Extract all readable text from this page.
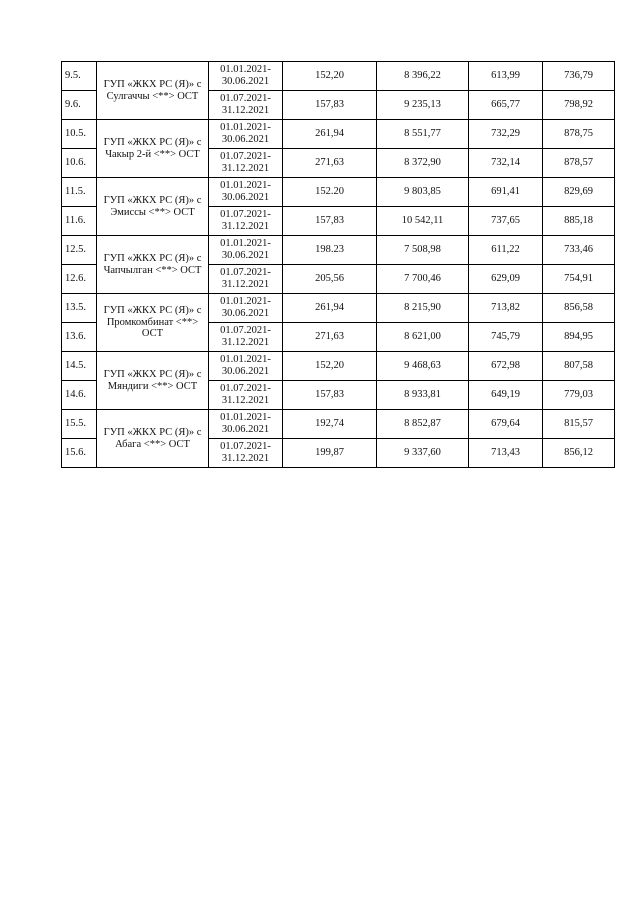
9.5.	ГУП «ЖКХ РС (Я)» с Сулгаччы <**> ОСТ	01.01.2021-30.06.2021	152,20	8 396,22	613,99	736,79
9.6.		01.07.2021-31.12.2021	157,83	9 235,13	665,77	798,92
10.5.	ГУП «ЖКХ РС (Я)» с Чакыр 2-й <**> ОСТ	01.01.2021-30.06.2021	261,94	8 551,77	732,29	878,75
10.6.		01.07.2021-31.12.2021	271,63	8 372,90	732,14	878,57
11.5.	ГУП «ЖКХ РС (Я)» с Эмиссы <**> ОСТ	01.01.2021-30.06.2021	152.20	9 803,85	691,41	829,69
11.6.		01.07.2021-31.12.2021	157,83	10 542,11	737,65	885,18
12.5.	ГУП «ЖКХ РС (Я)» с Чапчылган <**> ОСТ	01.01.2021-30.06.2021	198.23	7 508,98	611,22	733,46
12.6.		01.07.2021-31.12.2021	205,56	7 700,46	629,09	754,91
13.5.	ГУП «ЖКХ РС (Я)» с Промкомбинат <**> ОСТ	01.01.2021-30.06.2021	261,94	8 215,90	713,82	856,58
13.6.		01.07.2021-31.12.2021	271,63	8 621,00	745,79	894,95
14.5.	ГУП «ЖКХ РС (Я)» с Мяндиги <**> ОСТ	01.01.2021-30.06.2021	152,20	9 468,63	672,98	807,58
14.6.		01.07.2021-31.12.2021	157,83	8 933,81	649,19	779,03
15.5.	ГУП «ЖКХ РС (Я)» с Абага <**> ОСТ	01.01.2021-30.06.2021	192,74	8 852,87	679,64	815,57
15.6.		01.07.2021-31.12.2021	199,87	9 337,60	713,43	856,12
